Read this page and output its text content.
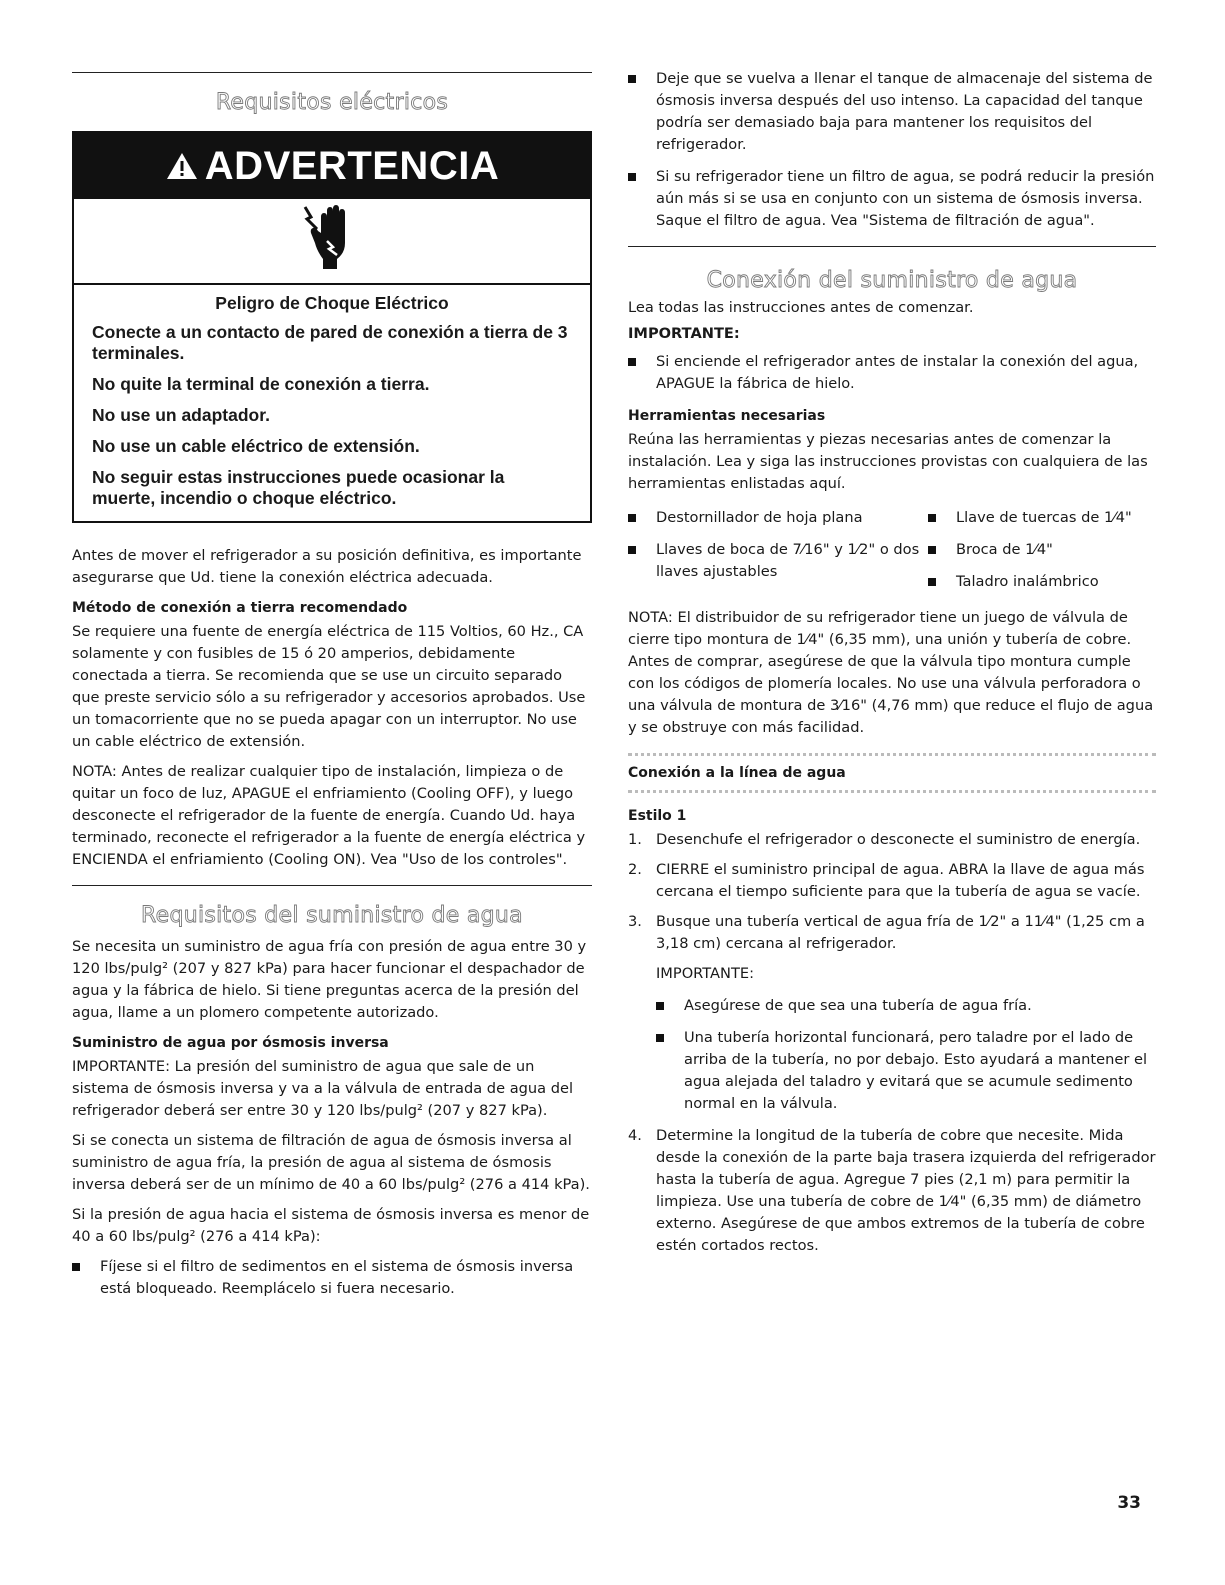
Requisitos eléctricos
ADVERTENCIA
Peligro de Choque Eléctrico
Conecte a un contacto de pared de conexión a tierra de 3 terminales.
No quite la terminal de conexión a tierra.
No use un adaptador.
No use un cable eléctrico de extensión.
No seguir estas instrucciones puede ocasionar la muerte, incendio o choque eléctrico.

Antes de mover el refrigerador a su posición definitiva, es importante asegurarse que Ud. tiene la conexión eléctrica adecuada.

Método de conexión a tierra recomendado

Se requiere una fuente de energía eléctrica de 115 Voltios, 60 Hz., CA solamente y con fusibles de 15 ó 20 amperios, debidamente conectada a tierra. Se recomienda que se use un circuito separado que preste servicio sólo a su refrigerador y accesorios aprobados. Use un tomacorriente que no se pueda apagar con un interruptor. No use un cable eléctrico de extensión.

NOTA: Antes de realizar cualquier tipo de instalación, limpieza o de quitar un foco de luz, APAGUE el enfriamiento (Cooling OFF), y luego desconecte el refrigerador de la fuente de energía. Cuando Ud. haya terminado, reconecte el refrigerador a la fuente de energía eléctrica y ENCIENDA el enfriamiento (Cooling ON). Vea "Uso de los controles".

Requisitos del suministro de agua

Se necesita un suministro de agua fría con presión de agua entre 30 y 120 lbs/pulg² (207 y 827 kPa) para hacer funcionar el despachador de agua y la fábrica de hielo. Si tiene preguntas acerca de la presión del agua, llame a un plomero competente autorizado.

Suministro de agua por ósmosis inversa

IMPORTANTE: La presión del suministro de agua que sale de un sistema de ósmosis inversa y va a la válvula de entrada de agua del refrigerador deberá ser entre 30 y 120 lbs/pulg² (207 y 827 kPa).

Si se conecta un sistema de filtración de agua de ósmosis inversa al suministro de agua fría, la presión de agua al sistema de ósmosis inversa deberá ser de un mínimo de 40 a 60 lbs/pulg² (276 a 414 kPa).

Si la presión de agua hacia el sistema de ósmosis inversa es menor de 40 a 60 lbs/pulg² (276 a 414 kPa):

Fíjese si el filtro de sedimentos en el sistema de ósmosis inversa está bloqueado. Reemplácelo si fuera necesario.
Deje que se vuelva a llenar el tanque de almacenaje del sistema de ósmosis inversa después del uso intenso. La capacidad del tanque podría ser demasiado baja para mantener los requisitos del refrigerador.
Si su refrigerador tiene un filtro de agua, se podrá reducir la presión aún más si se usa en conjunto con un sistema de ósmosis inversa. Saque el filtro de agua. Vea "Sistema de filtración de agua".
Conexión del suministro de agua

Lea todas las instrucciones antes de comenzar.

IMPORTANTE:
Si enciende el refrigerador antes de instalar la conexión del agua, APAGUE la fábrica de hielo.
Herramientas necesarias

Reúna las herramientas y piezas necesarias antes de comenzar la instalación. Lea y siga las instrucciones provistas con cualquiera de las herramientas enlistadas aquí.

Destornillador de hoja plana
Llaves de boca de 7⁄16" y 1⁄2" o dos llaves ajustables
Llave de tuercas de 1⁄4"
Broca de 1⁄4"
Taladro inalámbrico

NOTA: El distribuidor de su refrigerador tiene un juego de válvula de cierre tipo montura de 1⁄4" (6,35 mm), una unión y tubería de cobre. Antes de comprar, asegúrese de que la válvula tipo montura cumple con los códigos de plomería locales. No use una válvula perforadora o una válvula de montura de 3⁄16" (4,76 mm) que reduce el flujo de agua y se obstruye con más facilidad.

Conexión a la línea de agua
Estilo 1
1. Desenchufe el refrigerador o desconecte el suministro de energía.
2. CIERRE el suministro principal de agua. ABRA la llave de agua más cercana el tiempo suficiente para que la tubería de agua se vacíe.
3. Busque una tubería vertical de agua fría de 1⁄2" a 11⁄4" (1,25 cm a 3,18 cm) cercana al refrigerador.
IMPORTANTE:
Asegúrese de que sea una tubería de agua fría.
Una tubería horizontal funcionará, pero taladre por el lado de arriba de la tubería, no por debajo. Esto ayudará a mantener el agua alejada del taladro y evitará que se acumule sedimento normal en la válvula.
4. Determine la longitud de la tubería de cobre que necesite. Mida desde la conexión de la parte baja trasera izquierda del refrigerador hasta la tubería de agua. Agregue 7 pies (2,1 m) para permitir la limpieza. Use una tubería de cobre de 1⁄4" (6,35 mm) de diámetro externo. Asegúrese de que ambos extremos de la tubería de cobre estén cortados rectos.
33
